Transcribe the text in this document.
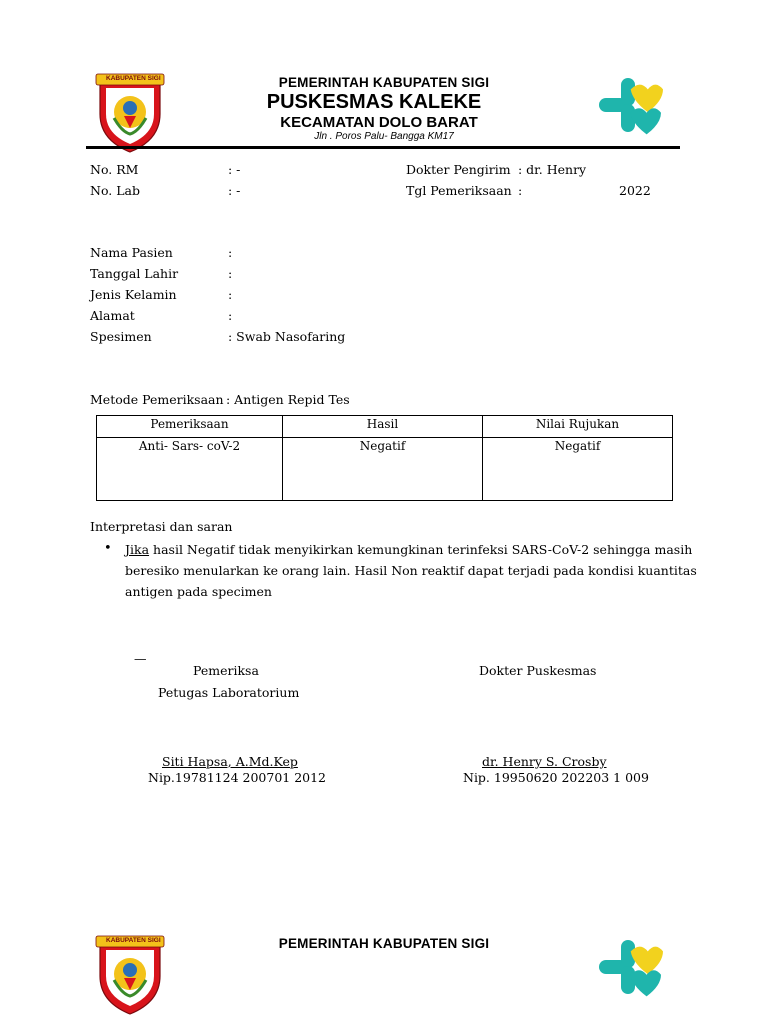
KABUPATEN SIGI	PEMERINTAH KABUPATEN SIGI
PUSKESMAS KALEKE
KECAMATAN DOLO BARAT
Jln . Poros Palu- Bangga KM17
No. RM	: -
No. Lab	: -
Dokter Pengirim : dr. Henry
Tgl Pemeriksaan :	2022
Nama Pasien	:
Tanggal Lahir	:
Jenis Kelamin	:
Alamat	:
Spesimen	: Swab Nasofaring
Metode Pemeriksaan : Antigen Repid Tes
Pemeriksaan	Hasil	Nilai Rujukan
Anti- Sars- coV-2	Negatif	Negatif
Interpretasi dan saran
• Jika hasil Negatif tidak menyikirkan kemungkinan terinfeksi SARS-CoV-2 sehingga masih
beresiko menularkan ke orang lain. Hasil Non reaktif dapat terjadi pada kondisi kuantitas
antigen pada specimen
—
Pemeriksa
Petugas Laboratorium
Dokter Puskesmas
Siti Hapsa, A.Md.Kep
Nip.19781124 200701 2012
dr. Henry S. Crosby
Nip. 19950620 202203 1 009
KABUPATEN SIGI	PEMERINTAH KABUPATEN SIGI
